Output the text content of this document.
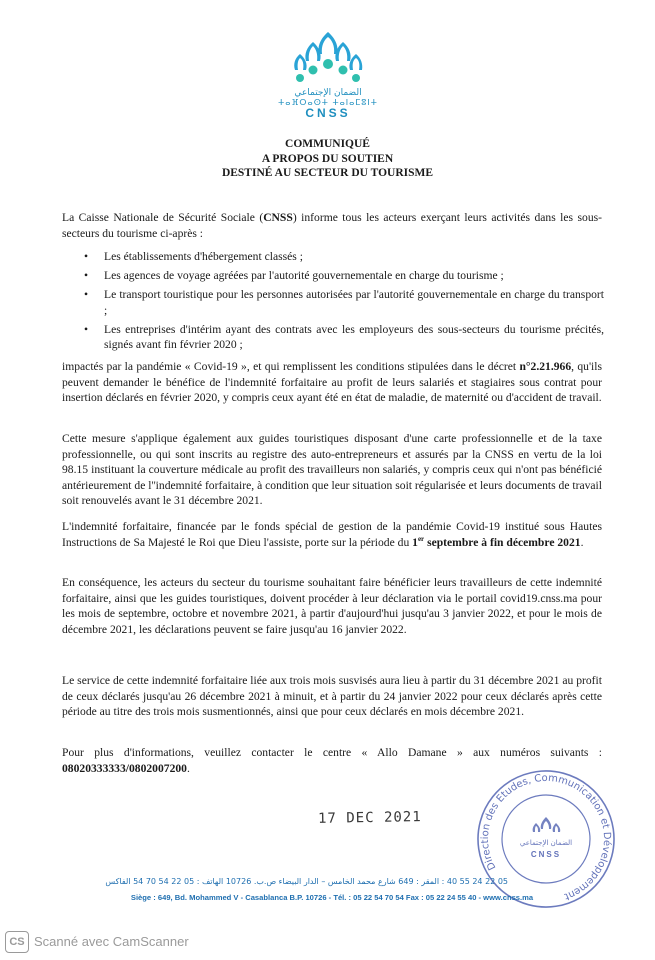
الضمان الإجتماعي
ⵜⴰⴼⵔⴰⵙⵜ ⵜⴰⵏⴰⵎⵓⵏⵜ
CNSS
COMMUNIQUÉ
A PROPOS DU SOUTIEN
DESTINÉ AU SECTEUR DU TOURISME
La Caisse Nationale de Sécurité Sociale (CNSS) informe tous les acteurs exerçant leurs activités dans les sous-secteurs du tourisme ci-après :
• Les établissements d'hébergement classés ;
• Les agences de voyage agréées par l'autorité gouvernementale en charge du tourisme ;
• Le transport touristique pour les personnes autorisées par l'autorité gouvernementale en charge du transport ;
• Les entreprises d'intérim ayant des contrats avec les employeurs des sous-secteurs du tourisme précités, signés avant fin février 2020 ;
impactés par la pandémie « Covid-19 », et qui remplissent les conditions stipulées dans le décret n°2.21.966, qu'ils peuvent demander le bénéfice de l'indemnité forfaitaire au profit de leurs salariés et stagiaires sous contrat pour insertion déclarés en février 2020, y compris ceux ayant été en état de maladie, de maternité ou d'accident de travail.
Cette mesure s'applique également aux guides touristiques disposant d'une carte professionnelle et de la taxe professionnelle, ou qui sont inscrits au registre des auto-entrepreneurs et assurés par la CNSS en vertu de la loi 98.15 instituant la couverture médicale au profit des travailleurs non salariés, y compris ceux qui n'ont pas bénéficié antérieurement de l''indemnité forfaitaire, à condition que leur situation soit régularisée et leurs documents de travail soit renouvelés avant le 31 décembre 2021.
L'indemnité forfaitaire, financée par le fonds spécial de gestion de la pandémie Covid-19 institué sous Hautes Instructions de Sa Majesté le Roi que Dieu l'assiste, porte sur la période du 1er septembre à fin décembre 2021.
En conséquence, les acteurs du secteur du tourisme souhaitant faire bénéficier leurs travailleurs de cette indemnité forfaitaire, ainsi que les guides touristiques, doivent procéder à leur déclaration via le portail covid19.cnss.ma pour les mois de septembre, octobre et novembre 2021, à partir d'aujourd'hui jusqu'au 3 janvier 2022, et pour le mois de décembre 2021, les déclarations peuvent se faire jusqu'au 16 janvier 2022.
Le service de cette indemnité forfaitaire liée aux trois mois susvisés aura lieu à partir du 31 décembre 2021 au profit de ceux déclarés jusqu'au 26 décembre 2021 à minuit, et à partir du 24 janvier 2022 pour ceux déclarés après cette période au titre des trois mois susmentionnés, ainsi que pour ceux déclarés en mois décembre 2021.
Pour plus d'informations, veuillez contacter le centre « Allo Damane » aux numéros suivants : 08020333333/0802007200.
17 DEC 2021
Direction des Etudes, Communication et Développement
الضمان الإجتماعي
CNSS
05 22 24 55 40 : المقر : 649 شارع محمد الخامس – الدار البيضاء ص.ب. 10726 الهاتف : 05 22 54 70 54 الفاكس
Siège : 649, Bd. Mohammed V - Casablanca B.P. 10726 - Tél. : 05 22 54 70 54 Fax : 05 22 24 55 40 - www.cnss.ma
CS Scanné avec CamScanner
